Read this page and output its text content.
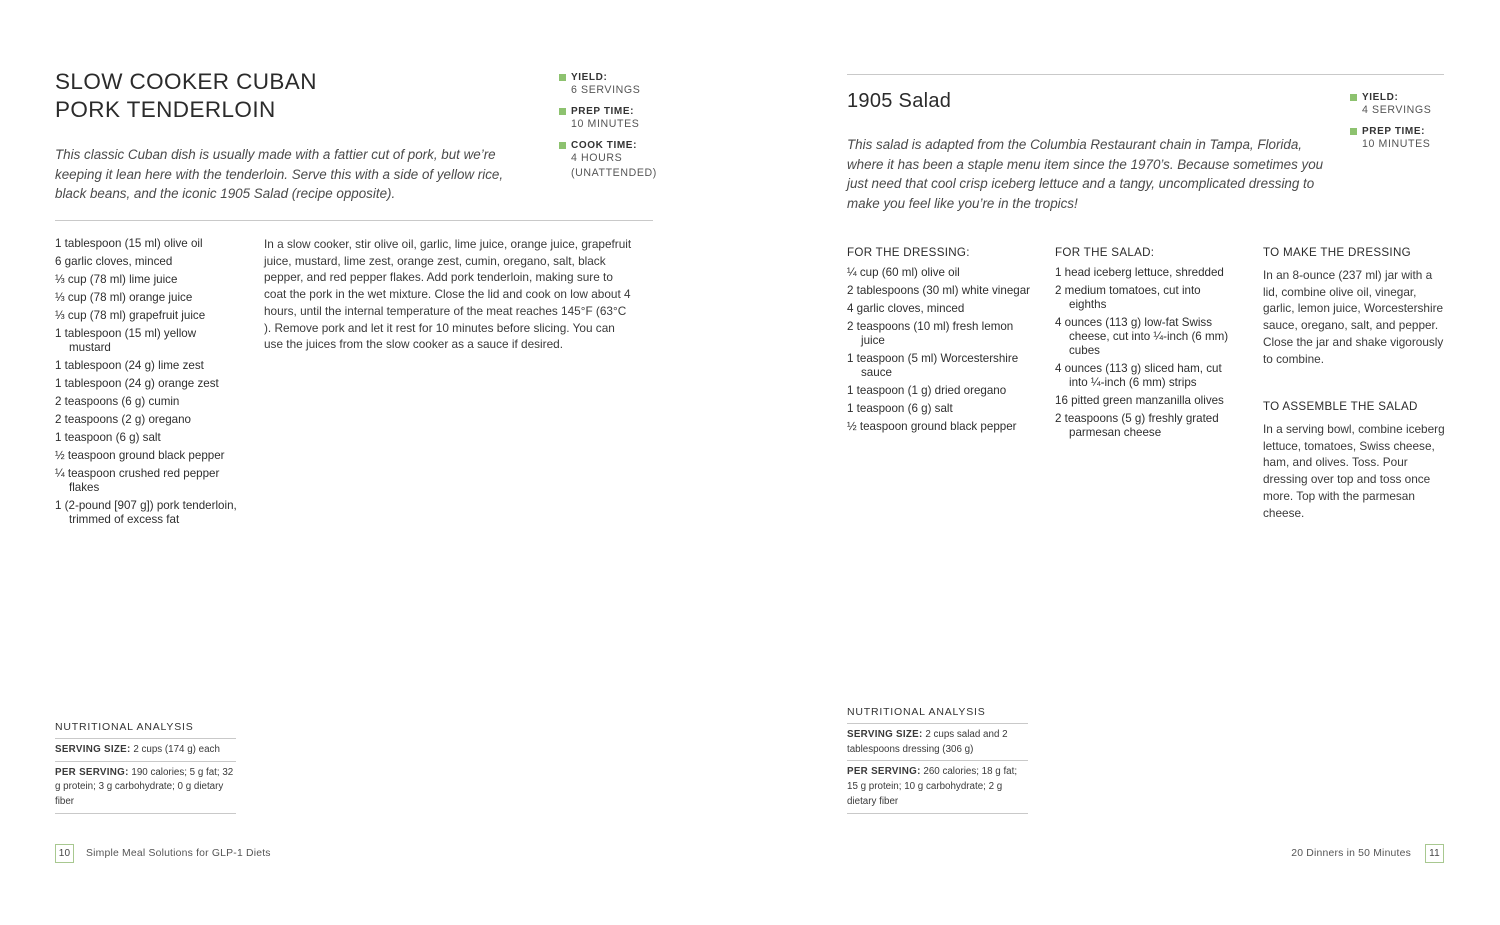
SLOW COOKER CUBAN
PORK TENDERLOIN
YIELD:
6 SERVINGS
PREP TIME:
10 MINUTES
COOK TIME:
4 HOURS (UNATTENDED)

This classic Cuban dish is usually made with a fattier cut of pork, but we’re keeping it lean here with the tenderloin. Serve this with a side of yellow rice, black beans, and the iconic 1905 Salad (recipe opposite).

1 tablespoon (15 ml) olive oil
6 garlic cloves, minced
⅓ cup (78 ml) lime juice
⅓ cup (78 ml) orange juice
⅓ cup (78 ml) grapefruit juice
1 tablespoon (15 ml) yellow mustard
1 tablespoon (24 g) lime zest
1 tablespoon (24 g) orange zest
2 teaspoons (6 g) cumin
2 teaspoons (2 g) oregano
1 teaspoon (6 g) salt
½ teaspoon ground black pepper
¼ teaspoon crushed red pepper flakes
1 (2-pound [907 g]) pork tenderloin, trimmed of excess fat

In a slow cooker, stir olive oil, garlic, lime juice, orange juice, grapefruit juice, mustard, lime zest, orange zest, cumin, oregano, salt, black pepper, and red pepper flakes. Add pork tenderloin, making sure to coat the pork in the wet mixture. Close the lid and cook on low about 4 hours, until the internal temperature of the meat reaches 145°F (63°C ). Remove pork and let it rest for 10 minutes before slicing. You can use the juices from the slow cooker as a sauce if desired.

NUTRITIONAL ANALYSIS
SERVING SIZE: 2 cups (174 g) each
PER SERVING: 190 calories; 5 g fat; 32 g protein; 3 g carbohydrate; 0 g dietary fiber
10	Simple Meal Solutions for GLP-1 Diets
1905 Salad	YIELD:
4 SERVINGS
PREP TIME:
10 MINUTES

This salad is adapted from the Columbia Restaurant chain in Tampa, Florida, where it has been a staple menu item since the 1970’s. Because sometimes you just need that cool crisp iceberg lettuce and a tangy, uncomplicated dressing to make you feel like you’re in the tropics!

FOR THE DRESSING:
¼ cup (60 ml) olive oil
2 tablespoons (30 ml) white vinegar
4 garlic cloves, minced
2 teaspoons (10 ml) fresh lemon juice
1 teaspoon (5 ml) Worcestershire sauce
1 teaspoon (1 g) dried oregano
1 teaspoon (6 g) salt
½ teaspoon ground black pepper
FOR THE SALAD:
1 head iceberg lettuce, shredded
2 medium tomatoes, cut into eighths
4 ounces (113 g) low-fat Swiss cheese, cut into ¼-inch (6 mm) cubes
4 ounces (113 g) sliced ham, cut into ¼-inch (6 mm) strips
16 pitted green manzanilla olives
2 teaspoons (5 g) freshly grated parmesan cheese
TO MAKE THE DRESSING

In an 8-ounce (237 ml) jar with a lid, combine olive oil, vinegar, garlic, lemon juice, Worcestershire sauce, oregano, salt, and pepper. Close the jar and shake vigorously to combine.

TO ASSEMBLE THE SALAD

In a serving bowl, combine iceberg lettuce, tomatoes, Swiss cheese, ham, and olives. Toss. Pour dressing over top and toss once more. Top with the parmesan cheese.

NUTRITIONAL ANALYSIS
SERVING SIZE: 2 cups salad and 2 tablespoons dressing (306 g)
PER SERVING: 260 calories; 18 g fat; 15 g protein; 10 g carbohydrate; 2 g dietary fiber
20 Dinners in 50 Minutes	11
